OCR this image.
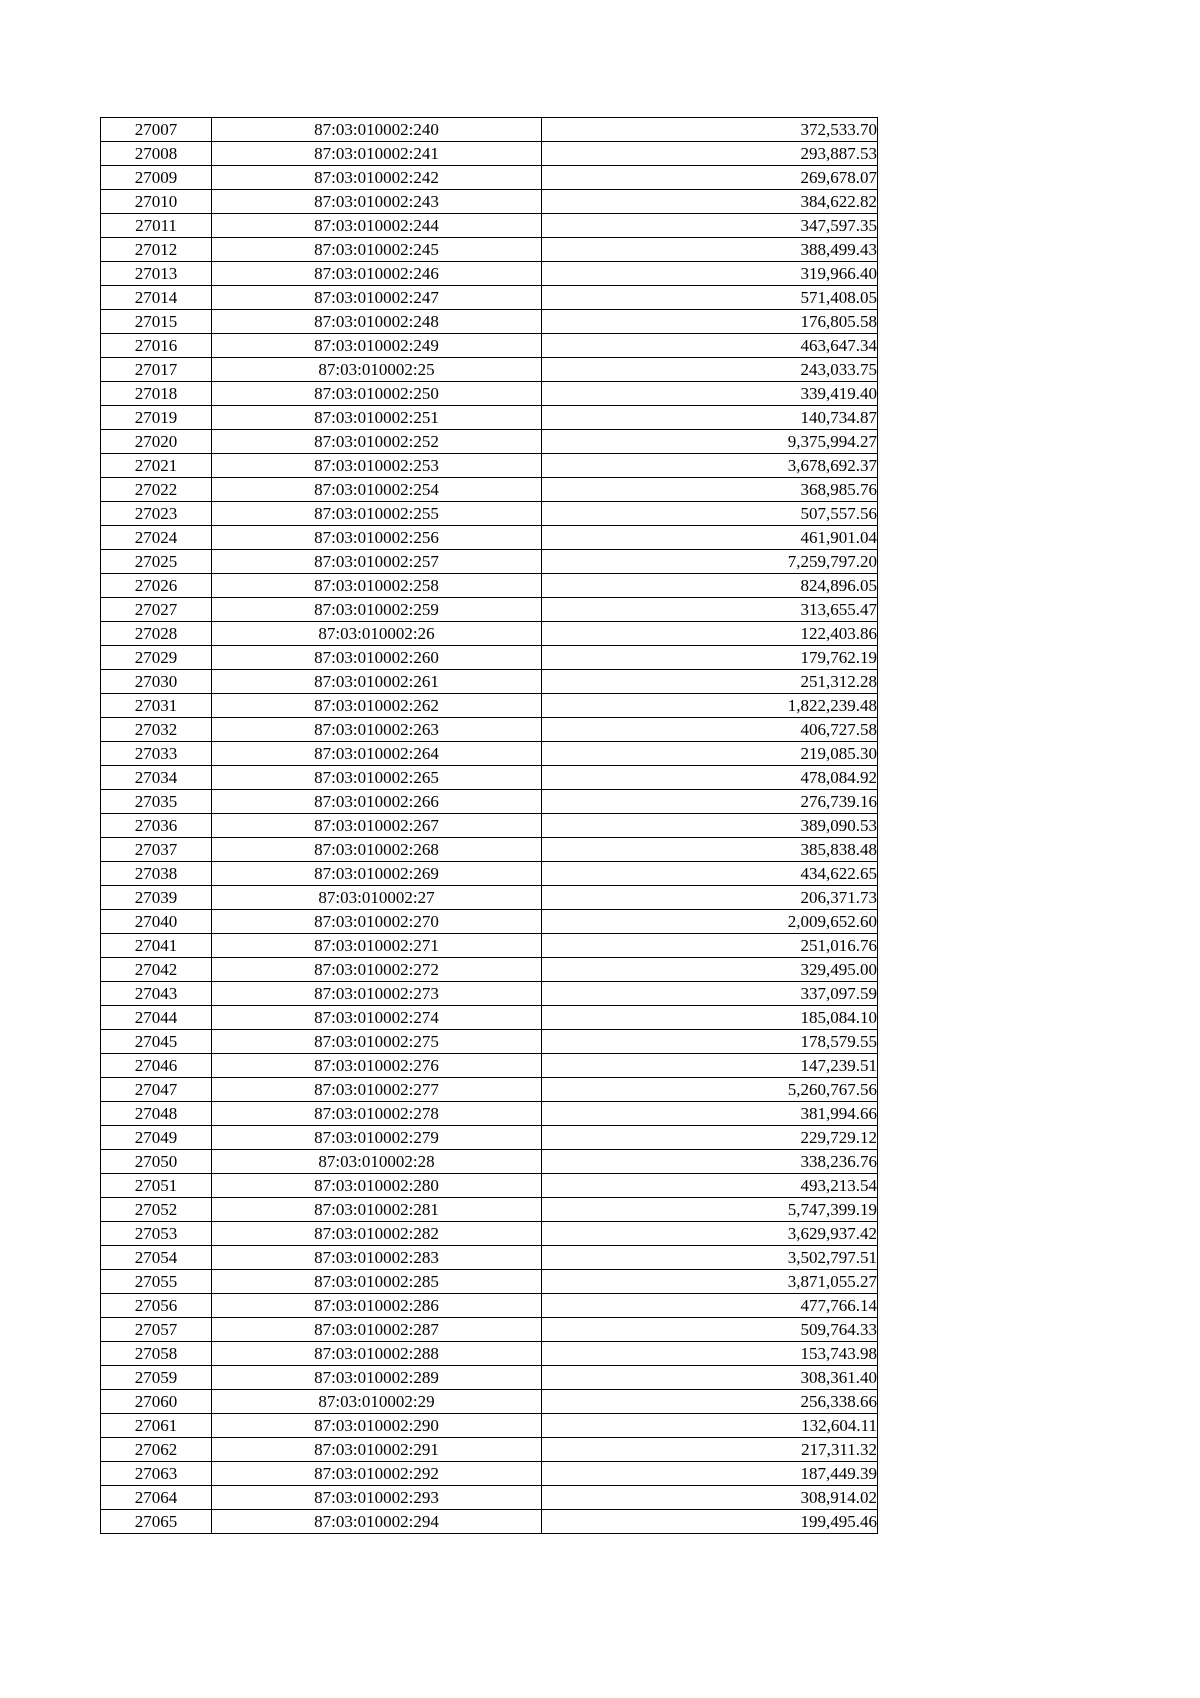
27007	87:03:010002:240	372,533.70
27008	87:03:010002:241	293,887.53
27009	87:03:010002:242	269,678.07
27010	87:03:010002:243	384,622.82
27011	87:03:010002:244	347,597.35
27012	87:03:010002:245	388,499.43
27013	87:03:010002:246	319,966.40
27014	87:03:010002:247	571,408.05
27015	87:03:010002:248	176,805.58
27016	87:03:010002:249	463,647.34
27017	87:03:010002:25	243,033.75
27018	87:03:010002:250	339,419.40
27019	87:03:010002:251	140,734.87
27020	87:03:010002:252	9,375,994.27
27021	87:03:010002:253	3,678,692.37
27022	87:03:010002:254	368,985.76
27023	87:03:010002:255	507,557.56
27024	87:03:010002:256	461,901.04
27025	87:03:010002:257	7,259,797.20
27026	87:03:010002:258	824,896.05
27027	87:03:010002:259	313,655.47
27028	87:03:010002:26	122,403.86
27029	87:03:010002:260	179,762.19
27030	87:03:010002:261	251,312.28
27031	87:03:010002:262	1,822,239.48
27032	87:03:010002:263	406,727.58
27033	87:03:010002:264	219,085.30
27034	87:03:010002:265	478,084.92
27035	87:03:010002:266	276,739.16
27036	87:03:010002:267	389,090.53
27037	87:03:010002:268	385,838.48
27038	87:03:010002:269	434,622.65
27039	87:03:010002:27	206,371.73
27040	87:03:010002:270	2,009,652.60
27041	87:03:010002:271	251,016.76
27042	87:03:010002:272	329,495.00
27043	87:03:010002:273	337,097.59
27044	87:03:010002:274	185,084.10
27045	87:03:010002:275	178,579.55
27046	87:03:010002:276	147,239.51
27047	87:03:010002:277	5,260,767.56
27048	87:03:010002:278	381,994.66
27049	87:03:010002:279	229,729.12
27050	87:03:010002:28	338,236.76
27051	87:03:010002:280	493,213.54
27052	87:03:010002:281	5,747,399.19
27053	87:03:010002:282	3,629,937.42
27054	87:03:010002:283	3,502,797.51
27055	87:03:010002:285	3,871,055.27
27056	87:03:010002:286	477,766.14
27057	87:03:010002:287	509,764.33
27058	87:03:010002:288	153,743.98
27059	87:03:010002:289	308,361.40
27060	87:03:010002:29	256,338.66
27061	87:03:010002:290	132,604.11
27062	87:03:010002:291	217,311.32
27063	87:03:010002:292	187,449.39
27064	87:03:010002:293	308,914.02
27065	87:03:010002:294	199,495.46
